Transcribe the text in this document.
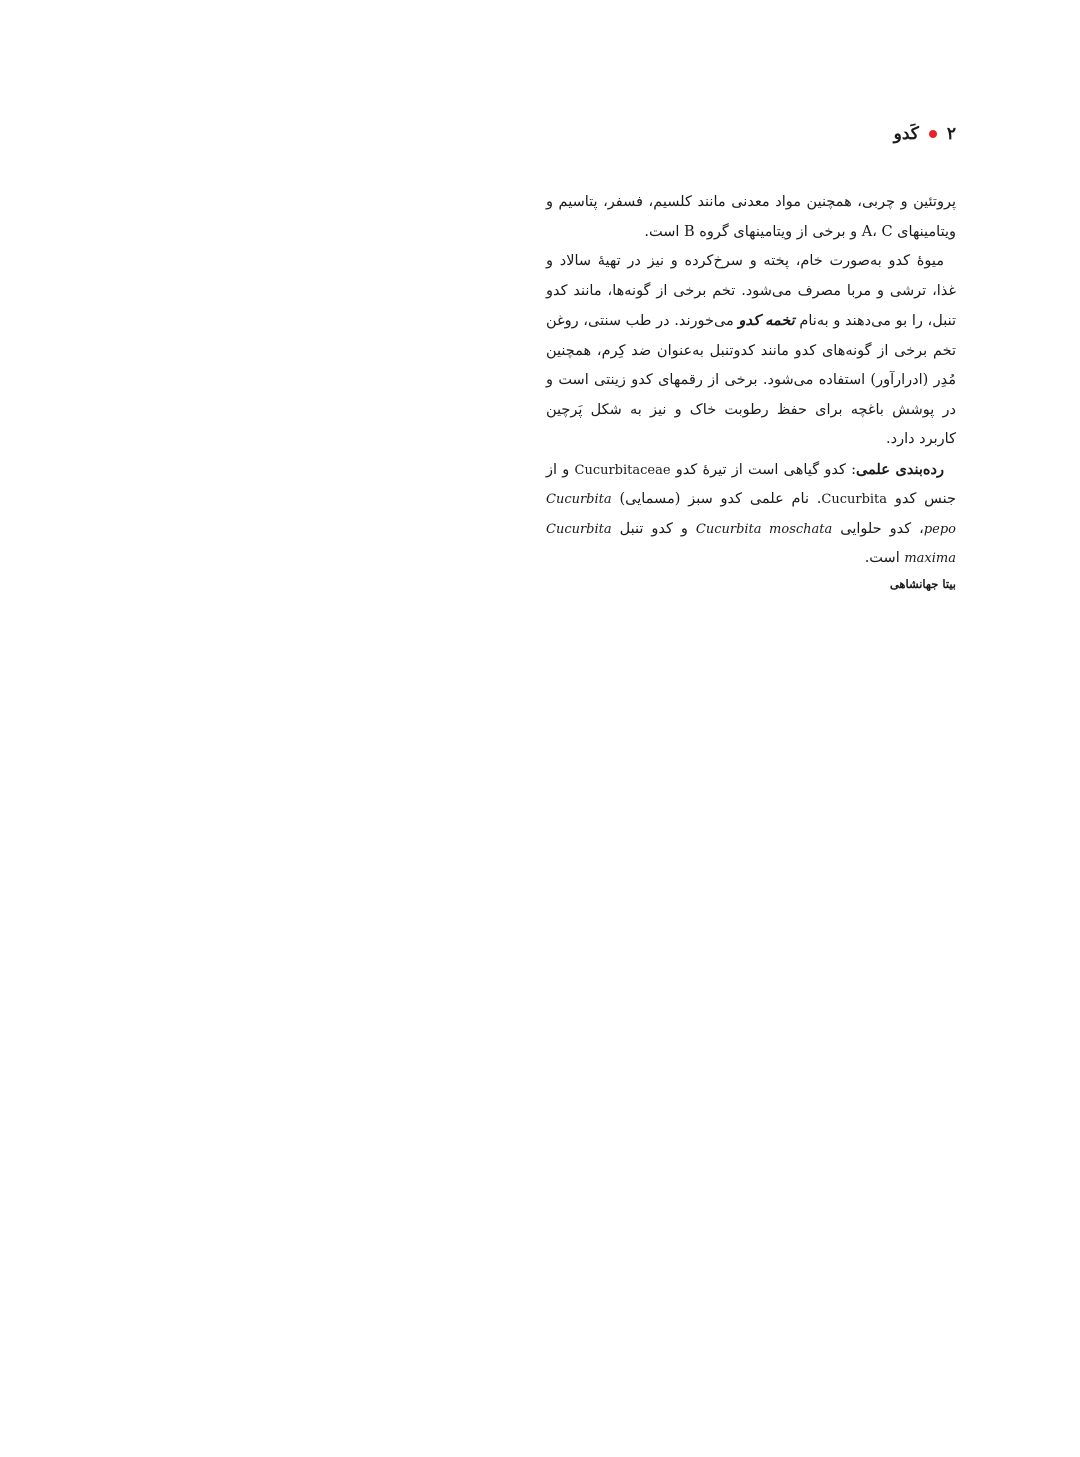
۲
کَدو

پروتئین و چربی، همچنین مواد معدنی مانند کلسیم، فسفر، پتاسیم و ویتامینهای A، C و برخی از ویتامینهای گروه B است.

میوهٔ کدو به‌صورت خام، پخته و سرخ‌کرده و نیز در تهیهٔ سالاد و غذا، ترشی و مربا مصرف می‌شود. تخم برخی از گونه‌ها، مانند کدو تنبل، را بو می‌دهند و به‌نام تخمه‌ کدو می‌خورند. در طب سنتی، روغن تخم برخی از گونه‌های کدو مانند کدوتنبل به‌عنوان ضد کِرم، همچنین مُدِر (ادرارآور) استفاده می‌شود. برخی از رقمهای کدو زینتی است و در پوشش باغچه برای حفظ رطوبت خاک و نیز به شکل پَرچین کاربرد دارد.

رده‌بندی علمی: کدو گیاهی است از تیرهٔ کدو Cucurbitaceae و از جنس کدو Cucurbita. نام علمی کدو سبز (مسمایی) Cucurbita pepo، کدو حلوایی Cucurbita moschata و کدو تنبل Cucurbita maxima است.

بیتا جهانشاهی
